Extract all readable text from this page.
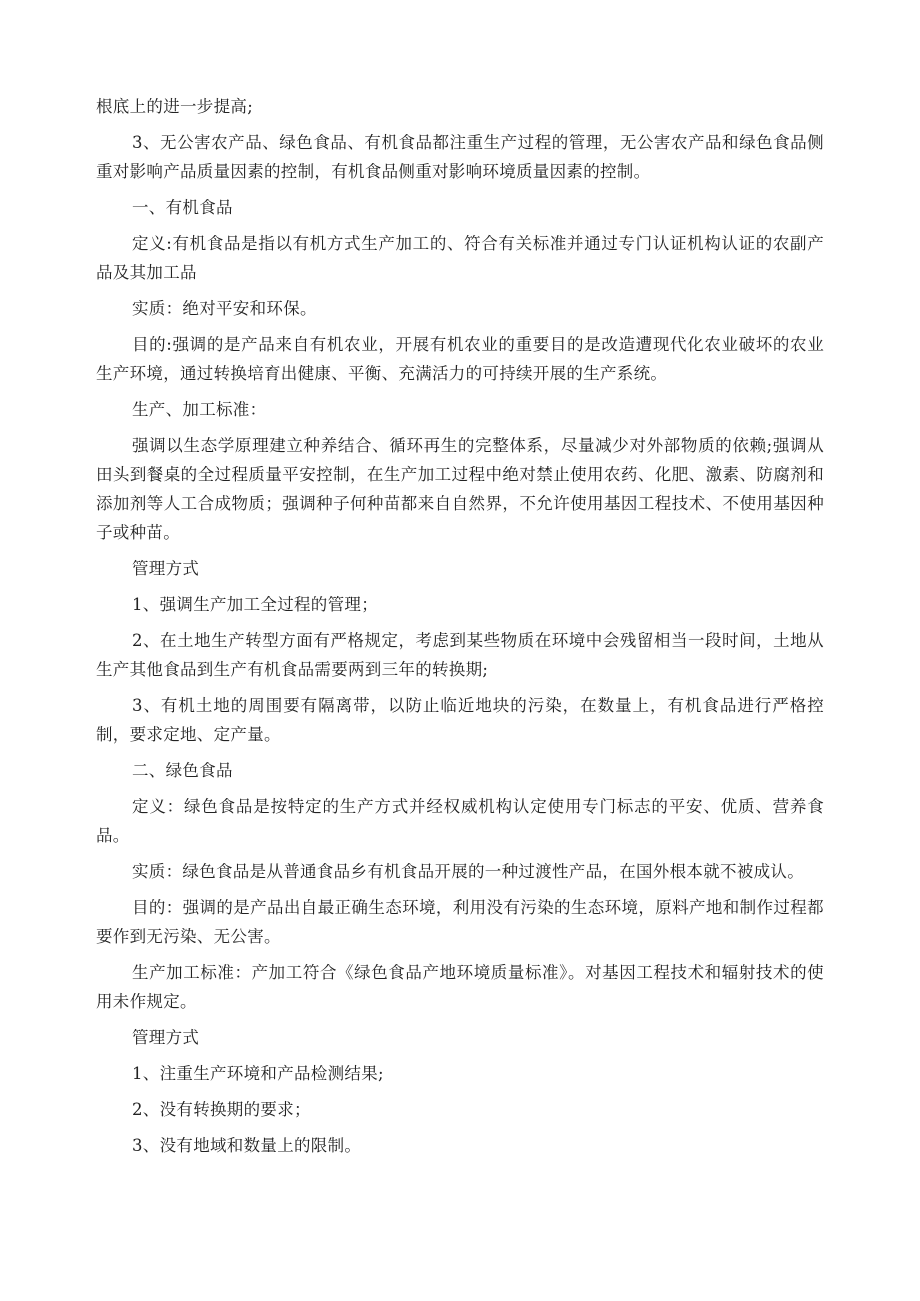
根底上的进一步提高;

3、无公害农产品、绿色食品、有机食品都注重生产过程的管理，无公害农产品和绿色食品侧重对影响产品质量因素的控制，有机食品侧重对影响环境质量因素的控制。

一、有机食品

定义:有机食品是指以有机方式生产加工的、符合有关标准并通过专门认证机构认证的农副产品及其加工品

实质：绝对平安和环保。

目的:强调的是产品来自有机农业，开展有机农业的重要目的是改造遭现代化农业破坏的农业生产环境，通过转换培育出健康、平衡、充满活力的可持续开展的生产系统。

生产、加工标准：

强调以生态学原理建立种养结合、循环再生的完整体系，尽量减少对外部物质的依赖;强调从田头到餐桌的全过程质量平安控制，在生产加工过程中绝对禁止使用农药、化肥、激素、防腐剂和添加剂等人工合成物质；强调种子何种苗都来自自然界，不允许使用基因工程技术、不使用基因种子或种苗。

管理方式

1、强调生产加工全过程的管理；

2、在土地生产转型方面有严格规定，考虑到某些物质在环境中会残留相当一段时间，土地从生产其他食品到生产有机食品需要两到三年的转换期;

3、有机土地的周围要有隔离带，以防止临近地块的污染，在数量上，有机食品进行严格控制，要求定地、定产量。

二、绿色食品

定义：绿色食品是按特定的生产方式并经权威机构认定使用专门标志的平安、优质、营养食品。

实质：绿色食品是从普通食品乡有机食品开展的一种过渡性产品，在国外根本就不被成认。

目的：强调的是产品出自最正确生态环境，利用没有污染的生态环境，原料产地和制作过程都要作到无污染、无公害。

生产加工标准：产加工符合《绿色食品产地环境质量标准》。对基因工程技术和辐射技术的使用未作规定。

管理方式

1、注重生产环境和产品检测结果;

2、没有转换期的要求；

3、没有地域和数量上的限制。
